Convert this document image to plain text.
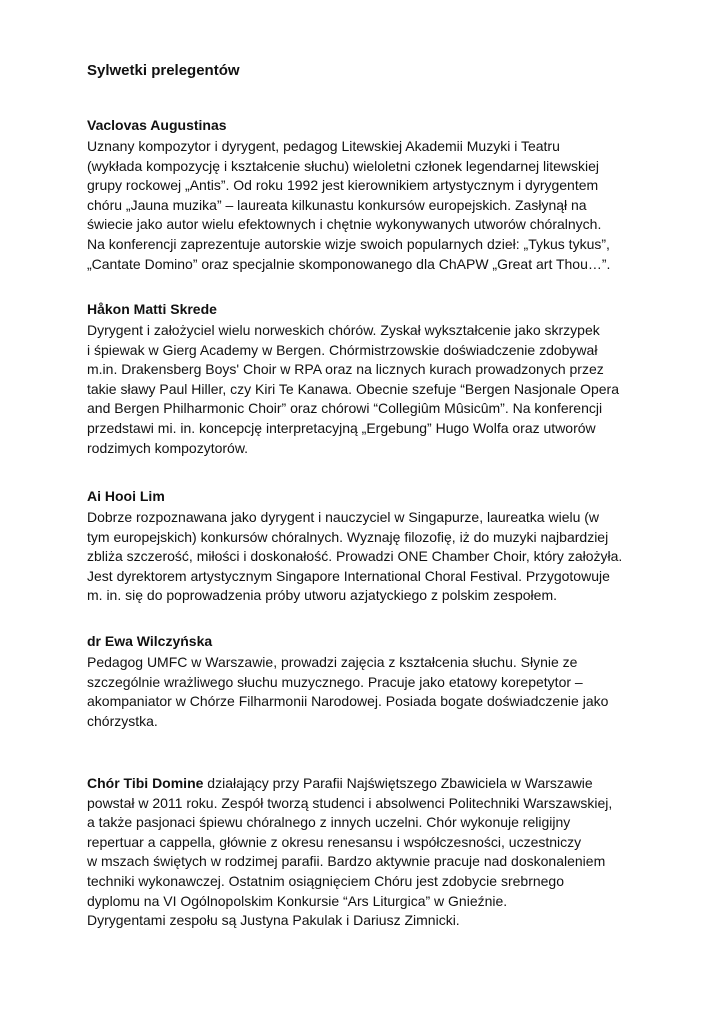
Sylwetki prelegentów
Vaclovas Augustinas
Uznany kompozytor i dyrygent, pedagog Litewskiej Akademii Muzyki i Teatru
(wykłada kompozycję i kształcenie słuchu) wieloletni członek legendarnej litewskiej
grupy rockowej „Antis”. Od roku 1992 jest kierownikiem artystycznym i dyrygentem
chóru „Jauna muzika” – laureata kilkunastu konkursów europejskich. Zasłynął na
świecie jako autor wielu efektownych i chętnie wykonywanych utworów chóralnych.
Na konferencji zaprezentuje autorskie wizje swoich popularnych dzieł: „Tykus tykus”,
„Cantate Domino” oraz specjalnie skomponowanego dla ChAPW „Great art Thou…”.
Håkon Matti Skrede
Dyrygent i założyciel wielu norweskich chórów. Zyskał wykształcenie jako skrzypek
i śpiewak w Gierg Academy w Bergen. Chórmistrzowskie doświadczenie zdobywał
m.in. Drakensberg Boys' Choir w RPA oraz na licznych kurach prowadzonych przez
takie sławy Paul Hiller, czy Kiri Te Kanawa. Obecnie szefuje “Bergen Nasjonale Opera
and Bergen Philharmonic Choir” oraz chórowi “Collegiûm Mûsicûm”. Na konferencji
przedstawi mi. in. koncepcję interpretacyjną „Ergebung” Hugo Wolfa oraz utworów
rodzimych kompozytorów.
Ai Hooi Lim
Dobrze rozpoznawana jako dyrygent i nauczyciel w Singapurze, laureatka wielu (w
tym europejskich) konkursów chóralnych. Wyznaję filozofię, iż do muzyki najbardziej
zbliża szczerość, miłości i doskonałość. Prowadzi ONE Chamber Choir, który założyła.
Jest dyrektorem artystycznym Singapore International Choral Festival. Przygotowuje
m. in. się do poprowadzenia próby utworu azjatyckiego z polskim zespołem.
dr Ewa Wilczyńska
Pedagog UMFC w Warszawie, prowadzi zajęcia z kształcenia słuchu. Słynie ze
szczególnie wrażliwego słuchu muzycznego. Pracuje jako etatowy korepetytor –
akompaniator w Chórze Filharmonii Narodowej. Posiada bogate doświadczenie jako
chórzystka.
Chór Tibi Domine działający przy Parafii Najświętszego Zbawiciela w Warszawie
powstał w 2011 roku. Zespół tworzą studenci i absolwenci Politechniki Warszawskiej,
a także pasjonaci śpiewu chóralnego z innych uczelni. Chór wykonuje religijny
repertuar a cappella, głównie z okresu renesansu i współczesności, uczestniczy
w mszach świętych w rodzimej parafii. Bardzo aktywnie pracuje nad doskonaleniem
techniki wykonawczej. Ostatnim osiągnięciem Chóru jest zdobycie srebrnego
dyplomu na VI Ogólnopolskim Konkursie “Ars Liturgica” w Gnieźnie.
Dyrygentami zespołu są Justyna Pakulak i Dariusz Zimnicki.
